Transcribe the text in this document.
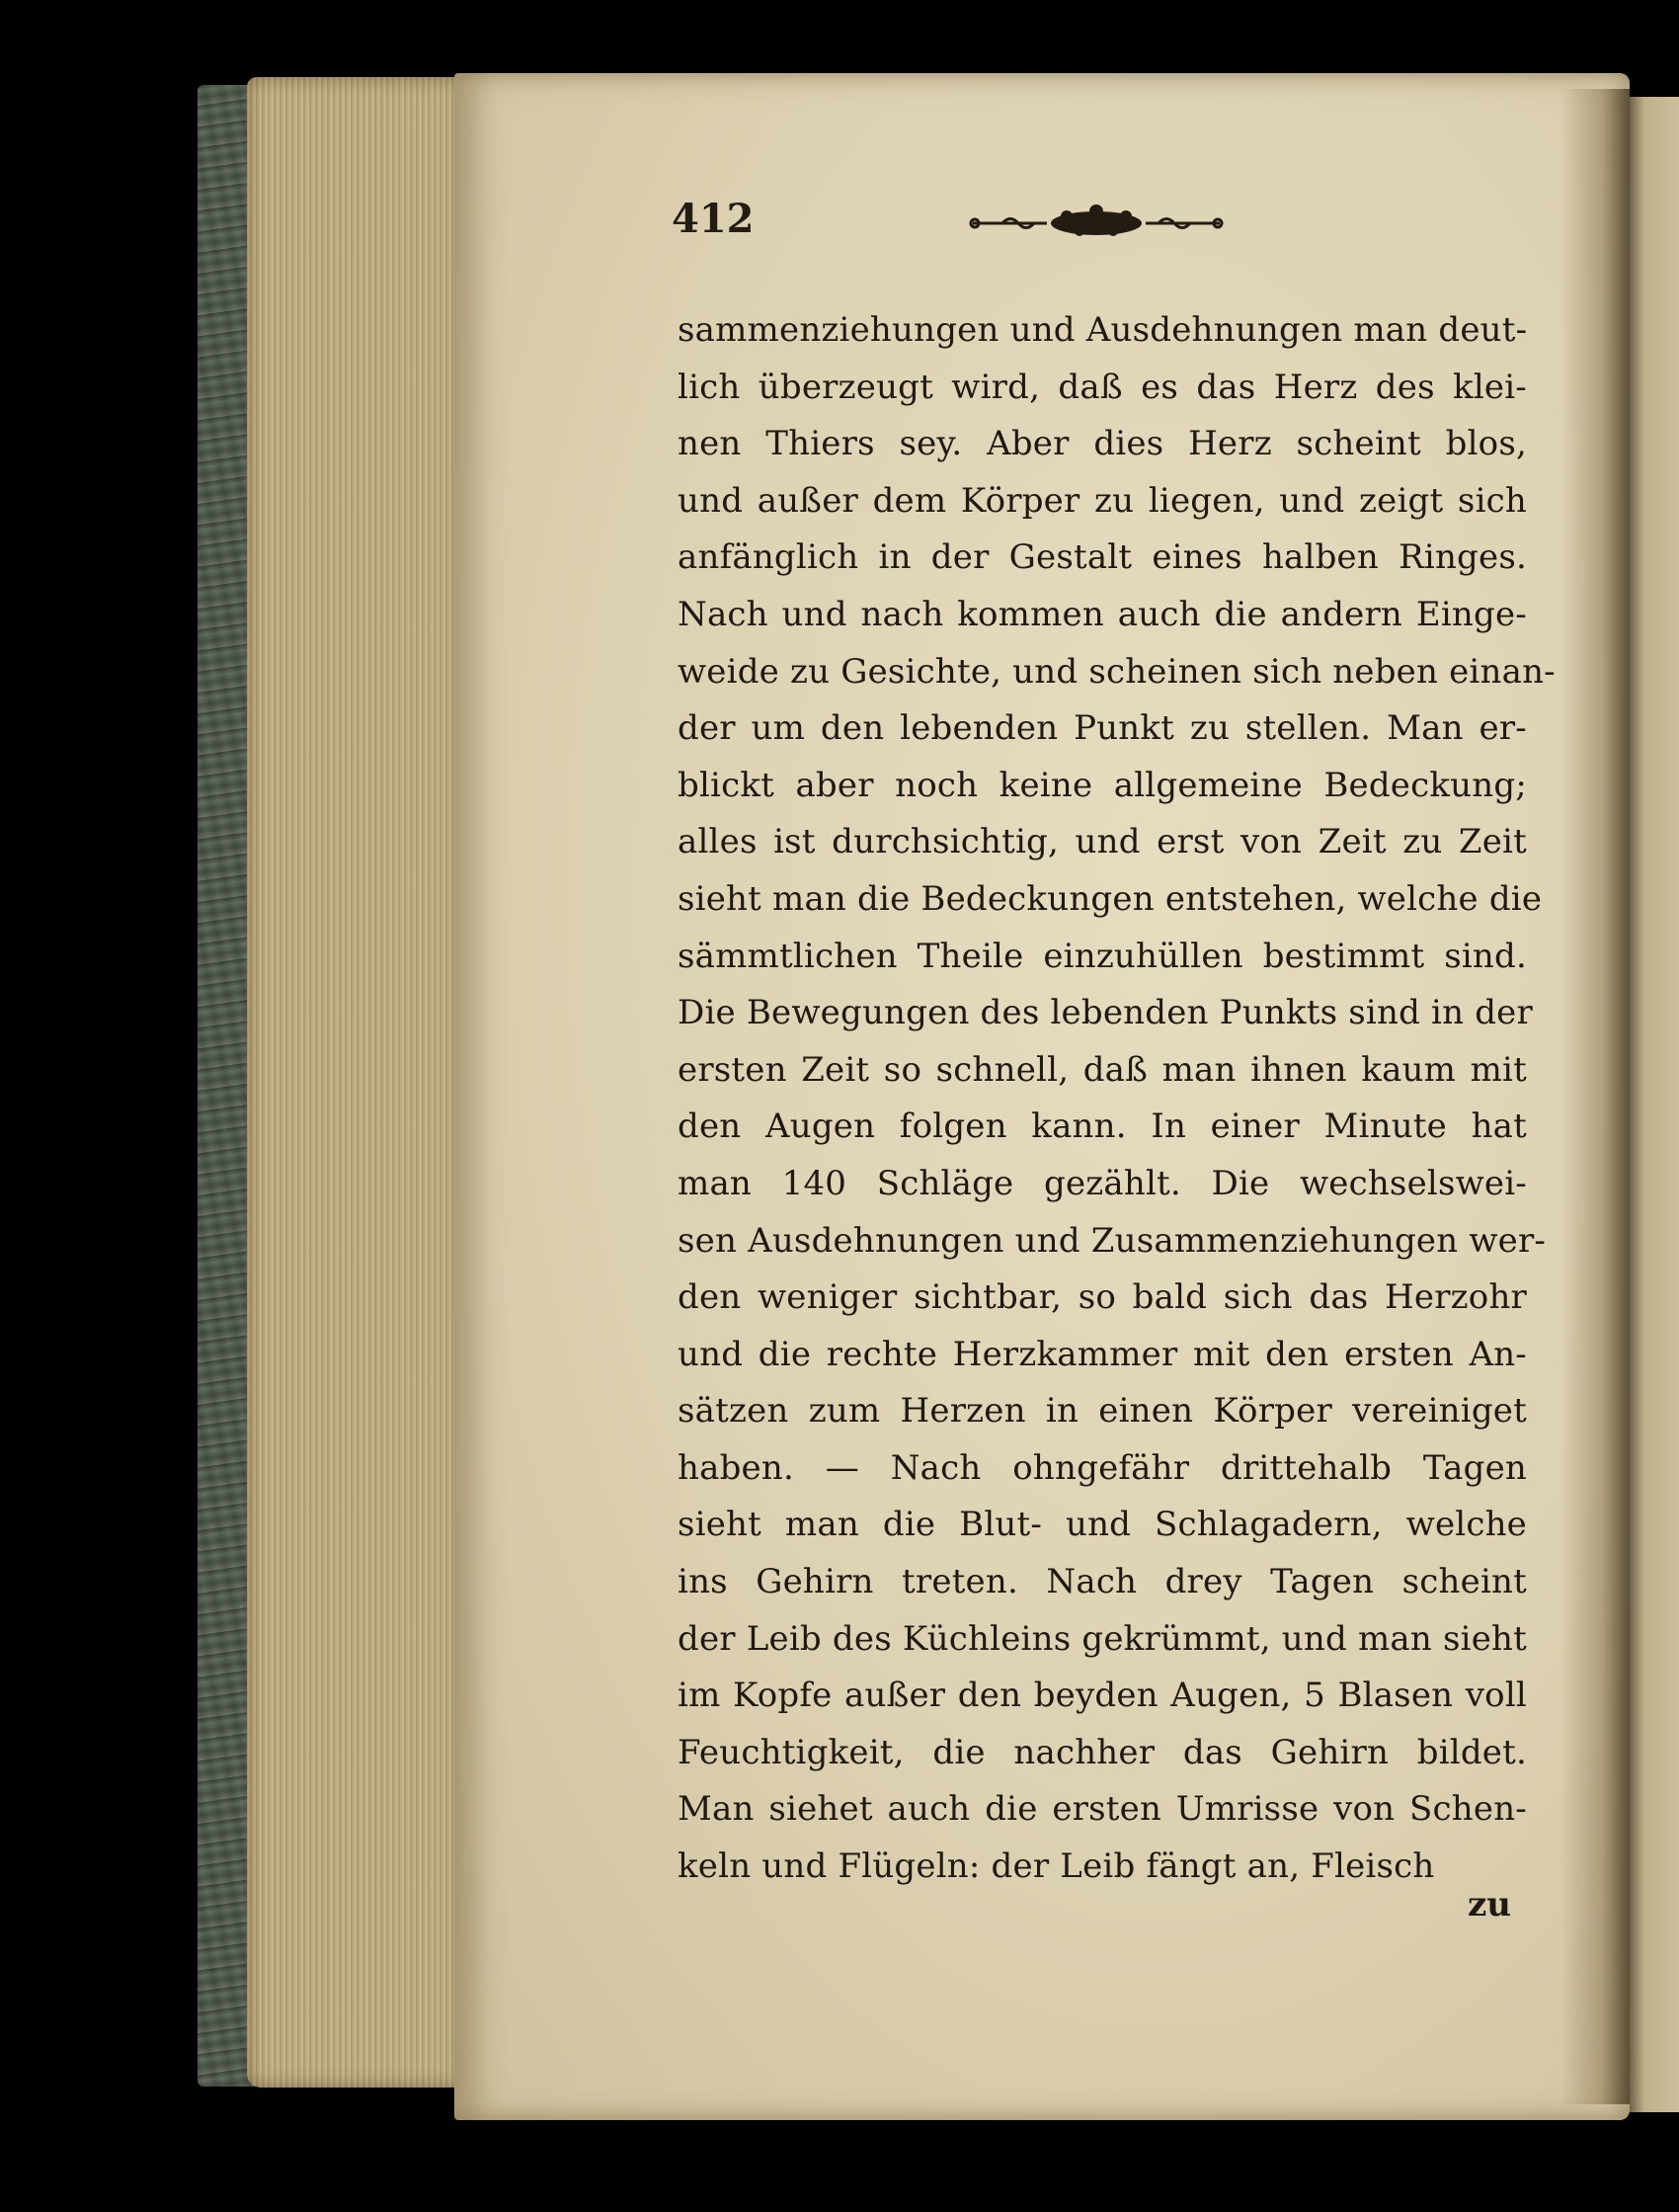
412
sammenziehungen und Ausdehnungen man deut-
lich überzeugt wird, daß es das Herz des klei-
nen Thiers sey. Aber dies Herz scheint blos,
und außer dem Körper zu liegen, und zeigt sich
anfänglich in der Gestalt eines halben Ringes.
Nach und nach kommen auch die andern Einge-
weide zu Gesichte, und scheinen sich neben einan-
der um den lebenden Punkt zu stellen. Man er-
blickt aber noch keine allgemeine Bedeckung;
alles ist durchsichtig, und erst von Zeit zu Zeit
sieht man die Bedeckungen entstehen, welche die
sämmtlichen Theile einzuhüllen bestimmt sind.
Die Bewegungen des lebenden Punkts sind in der
ersten Zeit so schnell, daß man ihnen kaum mit
den Augen folgen kann. In einer Minute hat
man 140 Schläge gezählt. Die wechselswei-
sen Ausdehnungen und Zusammenziehungen wer-
den weniger sichtbar, so bald sich das Herzohr
und die rechte Herzkammer mit den ersten An-
sätzen zum Herzen in einen Körper vereiniget
haben. — Nach ohngefähr drittehalb Tagen
sieht man die Blut- und Schlagadern, welche
ins Gehirn treten. Nach drey Tagen scheint
der Leib des Küchleins gekrümmt, und man sieht
im Kopfe außer den beyden Augen, 5 Blasen voll
Feuchtigkeit, die nachher das Gehirn bildet.
Man siehet auch die ersten Umrisse von Schen-
keln und Flügeln: der Leib fängt an, Fleisch
zu
